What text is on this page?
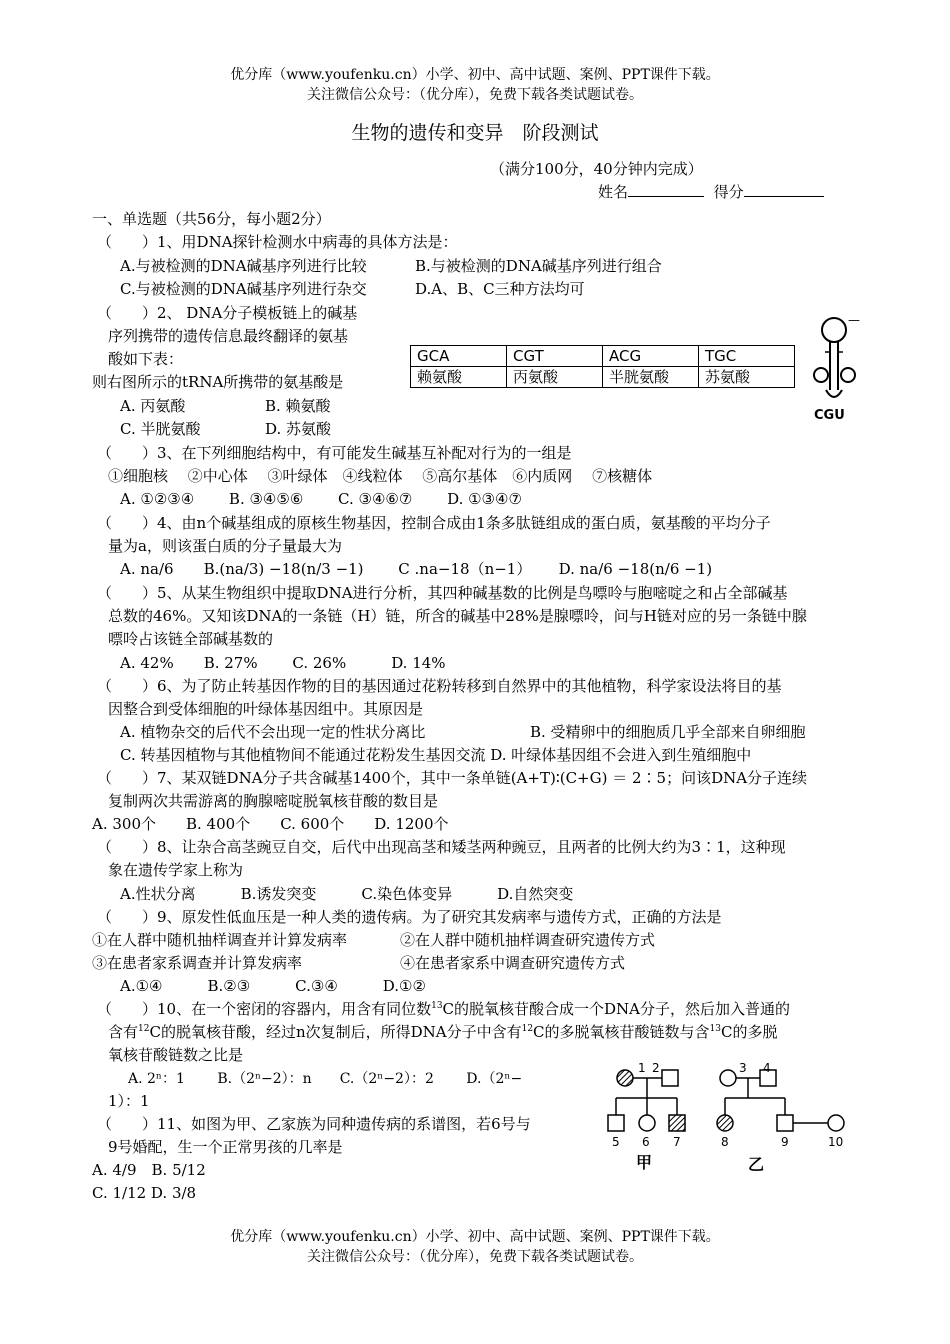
优分库（www.youfenku.cn）小学、初中、高中试题、案例、PPT课件下载。
关注微信公众号：（优分库），免费下载各类试题试卷。
生物的遗传和变异　阶段测试
（满分100分，40分钟内完成）
姓名	得分
一、单选题（共56分，每小题2分）
（　　）1、用DNA探针检测水中病毒的具体方法是：
A.与被检测的DNA碱基序列进行比较	B.与被检测的DNA碱基序列进行组合
C.与被检测的DNA碱基序列进行杂交	D.A、B、C三种方法均可
（　　）2、 DNA分子模板链上的碱基
序列携带的遗传信息最终翻译的氨基
酸如下表：
则右图所示的tRNA所携带的氨基酸是
A. 丙氨酸	B. 赖氨酸
C. 半胱氨酸	D. 苏氨酸
GCA	CGT	ACG	TGC
赖氨酸	丙氨酸	半胱氨酸	苏氨酸
—
CGU
（　　）3、在下列细胞结构中，有可能发生碱基互补配对行为的一组是
①细胞核　 ②中心体　 ③叶绿体　④线粒体　 ⑤高尔基体　⑥内质网　 ⑦核糖体
A. ①②③④　　 B. ③④⑤⑥　　 C. ③④⑥⑦　　 D. ①③④⑦
（　　）4、由n个碱基组成的原核生物基因，控制合成由1条多肽链组成的蛋白质，氨基酸的平均分子
量为a，则该蛋白质的分子量最大为
A. na/6　　B.(na/3) −18(n/3 −1)　　 C .na−18（n−1）　　 D. na/6 −18(n/6 −1)
（　　）5、从某生物组织中提取DNA进行分析，其四种碱基数的比例是鸟嘌呤与胞嘧啶之和占全部碱基
总数的46%。又知该DNA的一条链（H）链，所含的碱基中28%是腺嘌呤，问与H链对应的另一条链中腺
嘌呤占该链全部碱基数的
A. 42%　　B. 27%　　 C. 26%　　　D. 14%
（　　）6、为了防止转基因作物的目的基因通过花粉转移到自然界中的其他植物，科学家设法将目的基
因整合到受体细胞的叶绿体基因组中。其原因是
A. 植物杂交的后代不会出现一定的性状分离比	B. 受精卵中的细胞质几乎全部来自卵细胞
C. 转基因植物与其他植物间不能通过花粉发生基因交流 D. 叶绿体基因组不会进入到生殖细胞中
（　　）7、某双链DNA分子共含碱基1400个，其中一条单链(A+T)∶(C+G) ＝ 2∶5；问该DNA分子连续
复制两次共需游离的胸腺嘧啶脱氧核苷酸的数目是
A. 300个　　B. 400个　　C. 600个　　D. 1200个
（　　）8、让杂合高茎豌豆自交，后代中出现高茎和矮茎两种豌豆，且两者的比例大约为3∶1，这种现
象在遗传学家上称为
A.性状分离　　　B.诱发突变　　　C.染色体变异　　　D.自然突变
（　　）9、原发性低血压是一种人类的遗传病。为了研究其发病率与遗传方式，正确的方法是
①在人群中随机抽样调查并计算发病率	②在人群中随机抽样调查研究遗传方式
③在患者家系调查并计算发病率	④在患者家系中调查研究遗传方式
A.①④　　　B.②③　　　C.③④　　　D.①②
（　　）10、在一个密闭的容器内，用含有同位数$^{13}$C的脱氧核苷酸合成一个DNA分子，然后加入普通的
含有$^{12}$C的脱氧核苷酸，经过n次复制后，所得DNA分子中含有$^{12}$C的多脱氧核苷酸链数与含$^{13}$C的多脱
氧核苷酸链数之比是
A. 2ⁿ：1　　 B.（2ⁿ−2）：n　　C.（2ⁿ−2）：2　　 D.（2ⁿ−
1）：1
（　　）11、如图为甲、乙家族为同种遗传病的系谱图，若6号与
9号婚配，生一个正常男孩的几率是
A. 4/9　B. 5/12
C. 1/12 D. 3/8
1 2	3 4
5 6 7	8	9	10
甲	乙
优分库（www.youfenku.cn）小学、初中、高中试题、案例、PPT课件下载。
关注微信公众号：（优分库），免费下载各类试题试卷。
